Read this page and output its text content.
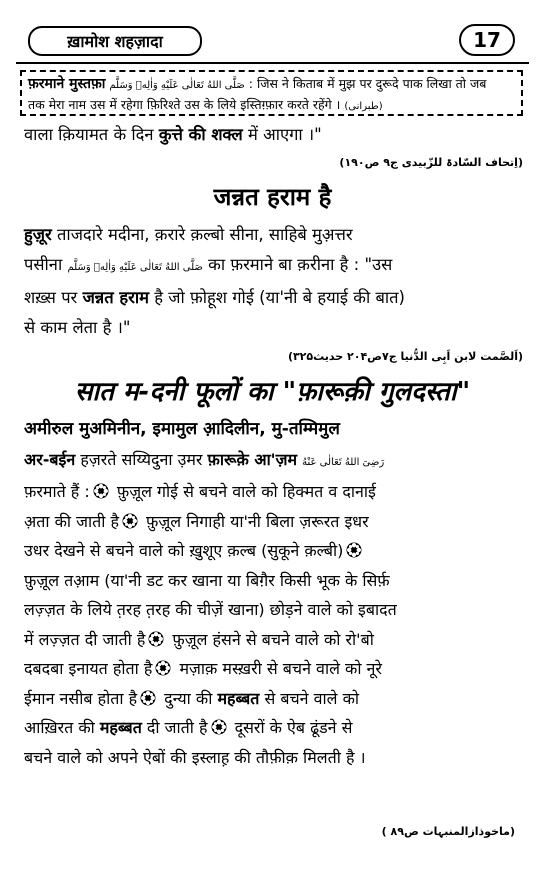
ख़ामोश शहज़ादा	17
फ़रमाने मुस्तफ़ा صَلَّى اللهُ تَعَالٰى عَلَيْهِ وَاٰلِهٖ وَسَلَّم : जिस ने किताब में मुझ पर दुरूदे पाक लिखा तो जब
तक मेरा नाम उस में रहेगा फ़िरिश्ते उस के लिये इस्तिग़्फ़ार करते रहेंगे । (طبرانی)
वाला क़ियामत के दिन कुत्ते की शक्ल में आएगा ।"
(اِتحاف السّادۃ للزّبیدی ج۹ ص۱۹۰)
जन्नत हराम है
हुज़ूर ताजदारे मदीना, क़रारे क़ल्बो सीना, साहिबे मुअ़त्तर
पसीना صَلَّى اللهُ تَعَالٰى عَلَيْهِ وَاٰلِهٖ وَسَلَّم का फ़रमाने बा क़रीना है : "उस
शख़्स पर जन्नत हराम है जो फ़ोहूश गोई (या'नी बे हयाई की बात)
से काम लेता है ।"
(اَلصَّمت لابن اَبِی الدُّنیا ج۷ص۲۰۴ حدیث۳۲۵)
सात म-दनी फूलों का "फ़ारूक़ी गुलदस्ता"
अमीरुल मुअमिनीन, इमामुल आ़दिलीन, मु-तम्मिमुल
अर-बईन हज़रते सय्यिदुना उ़मर फ़ारूक़े आ'ज़म رَضِیَ اللهُ تَعَالٰی عَنْهُ
फ़रमाते हैं : फ़ुज़ूल गोई से बचने वाले को हिक्मत व दानाई
अ़ता की जाती है फ़ुज़ूल निगाही या'नी बिला ज़रूरत इधर
उधर देखने से बचने वाले को ख़ुशूए क़ल्ब (सुकूने क़ल्बी)
फ़ुज़ूल तआ़म (या'नी डट कर खाना या बिग़ैर किसी भूक के सिर्फ़
लज़्ज़त के लिये त़रह त़रह की चीज़ें खाना) छोड़ने वाले को इबादत
में लज़्ज़त दी जाती है फ़ुज़ूल हंसने से बचने वाले को रो'बो
दबदबा इनायत होता है मज़ाक़ मस्ख़री से बचने वाले को नूरे
ईमान नसीब होता है दुन्या की महब्बत से बचने वाले को
आख़िरत की महब्बत दी जाती है दूसरों के ऐब ढूंडने से
बचने वाले को अपने ऐबों की इस्लाह़ की तौफ़ीक़ मिलती है ।
( ماخوذازالمنبہات ص۸۹)
